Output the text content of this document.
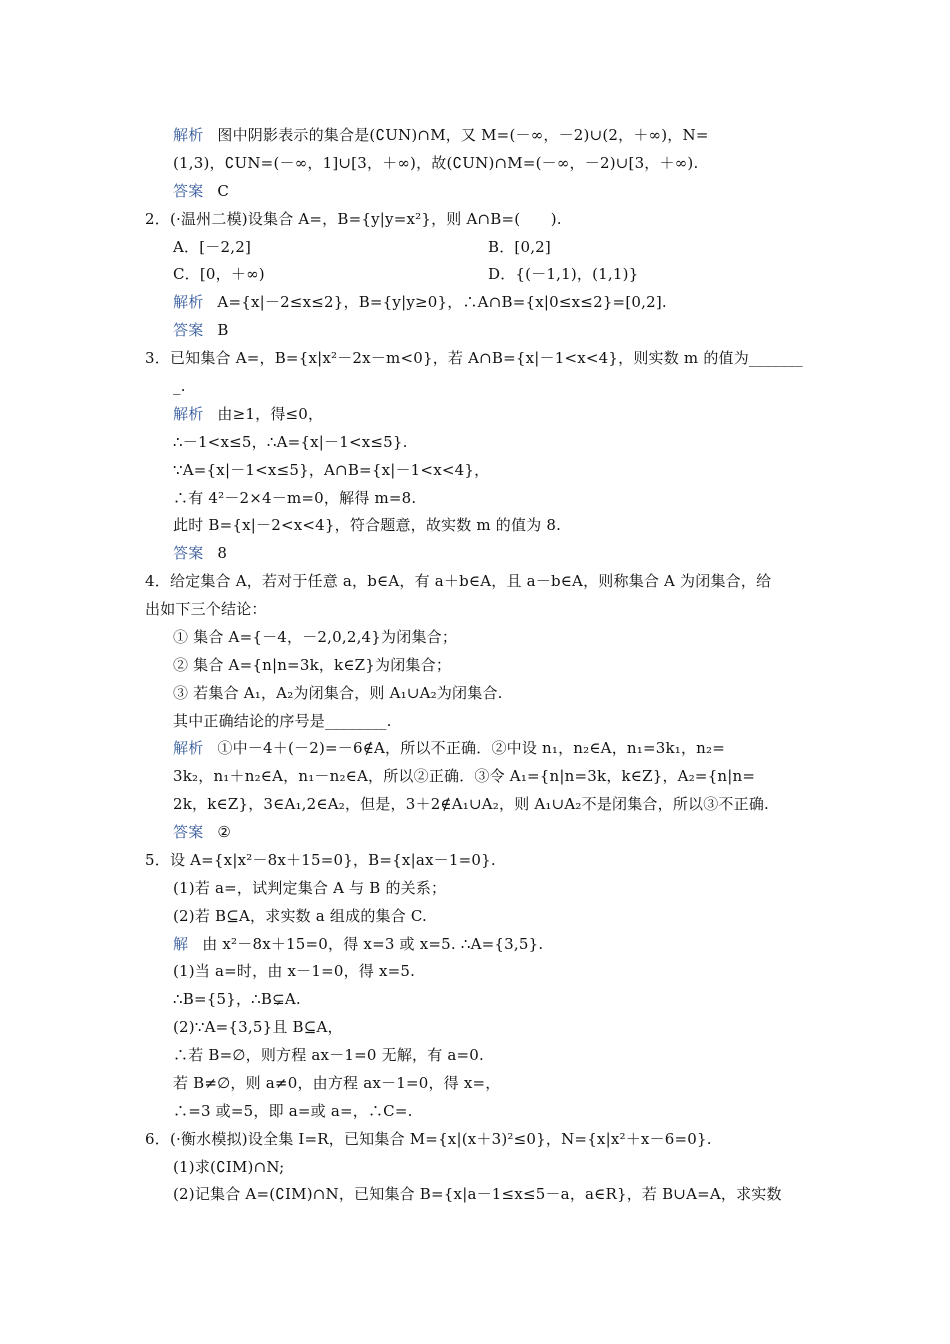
解析 图中阴影表示的集合是(∁UN)∩M，又 M=(－∞，－2)∪(2，＋∞)，N=
(1,3)，∁UN=(－∞，1]∪[3，＋∞)，故(∁UN)∩M=(－∞，－2)∪[3，＋∞).
答案 C
2．(·温州二模)设集合 A=，B={y|y=x²}，则 A∩B=(　　).
A．[－2,2]	B．[0,2]
C．[0，＋∞)	D．{(－1,1)，(1,1)}
解析 A={x|－2≤x≤2}，B={y|y≥0}，∴A∩B={x|0≤x≤2}=[0,2].
答案 B
3．已知集合 A=，B={x|x²－2x－m<0}，若 A∩B={x|－1<x<4}，则实数 m 的值为_______
_.
解析 由≥1，得≤0，
∴－1<x≤5，∴A={x|－1<x≤5}.
∵A={x|－1<x≤5}，A∩B={x|－1<x<4}，
∴有 4²－2×4－m=0，解得 m=8.
此时 B={x|－2<x<4}，符合题意，故实数 m 的值为 8.
答案 8
4．给定集合 A，若对于任意 a，b∈A，有 a＋b∈A，且 a－b∈A，则称集合 A 为闭集合，给
出如下三个结论：
① 集合 A={－4，－2,0,2,4}为闭集合；
② 集合 A={n|n=3k，k∈Z}为闭集合；
③ 若集合 A₁，A₂为闭集合，则 A₁∪A₂为闭集合.
其中正确结论的序号是________.
解析 ①中－4＋(－2)=－6∉A，所以不正确．②中设 n₁，n₂∈A，n₁=3k₁，n₂=
3k₂，n₁＋n₂∈A，n₁－n₂∈A，所以②正确．③令 A₁={n|n=3k，k∈Z}，A₂={n|n=
2k，k∈Z}，3∈A₁,2∈A₂，但是，3＋2∉A₁∪A₂，则 A₁∪A₂不是闭集合，所以③不正确.
答案 ②
5．设 A={x|x²－8x＋15=0}，B={x|ax－1=0}.
(1)若 a=，试判定集合 A 与 B 的关系；
(2)若 B⊆A，求实数 a 组成的集合 C.
解 由 x²－8x＋15=0，得 x=3 或 x=5. ∴A={3,5}.
(1)当 a=时，由 x－1=0，得 x=5.
∴B={5}，∴B⊊A.
(2)∵A={3,5}且 B⊆A，
∴若 B=∅，则方程 ax－1=0 无解，有 a=0.
若 B≠∅，则 a≠0，由方程 ax－1=0，得 x=，
∴=3 或=5，即 a=或 a=，∴C=.
6．(·衡水模拟)设全集 I=R，已知集合 M={x|(x＋3)²≤0}，N={x|x²＋x－6=0}.
(1)求(∁IM)∩N;
(2)记集合 A=(∁IM)∩N，已知集合 B={x|a－1≤x≤5－a，a∈R}，若 B∪A=A，求实数
